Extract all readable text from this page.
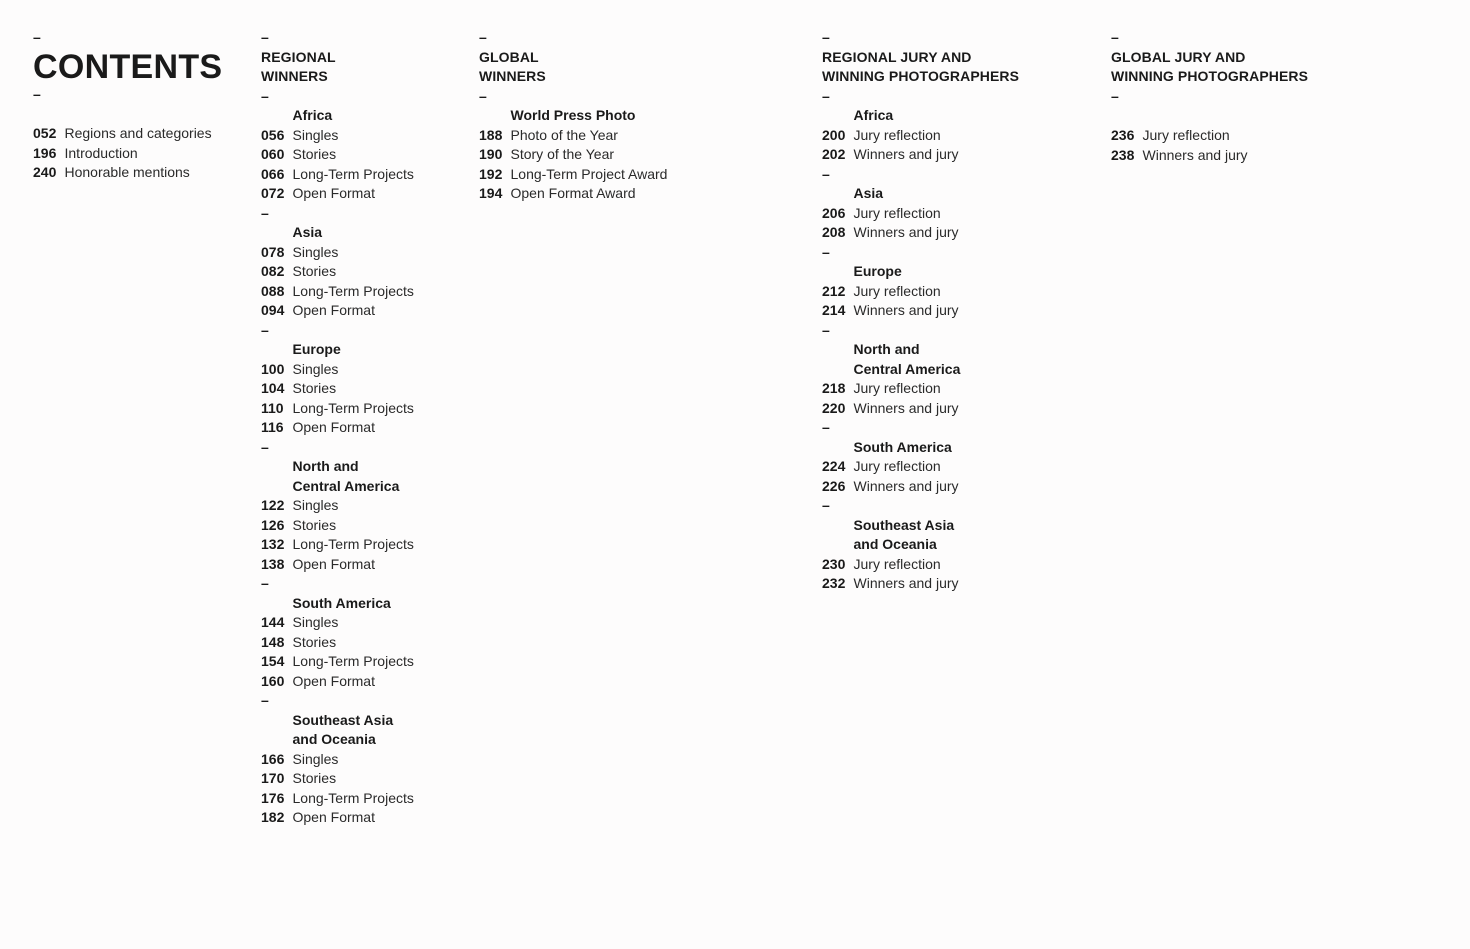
–
CONTENTS
–
052 Regions and categories
196 Introduction
240 Honorable mentions
–
REGIONAL
WINNERS
–
Africa
056 Singles
060 Stories
066 Long-Term Projects
072 Open Format
–
Asia
078 Singles
082 Stories
088 Long-Term Projects
094 Open Format
–
Europe
100 Singles
104 Stories
110 Long-Term Projects
116 Open Format
–
North and
Central America
122 Singles
126 Stories
132 Long-Term Projects
138 Open Format
–
South America
144 Singles
148 Stories
154 Long-Term Projects
160 Open Format
–
Southeast Asia
and Oceania
166 Singles
170 Stories
176 Long-Term Projects
182 Open Format
–
GLOBAL
WINNERS
–
World Press Photo
188 Photo of the Year
190 Story of the Year
192 Long-Term Project Award
194 Open Format Award
–
REGIONAL JURY AND
WINNING PHOTOGRAPHERS
–
Africa
200 Jury reflection
202 Winners and jury
–
Asia
206 Jury reflection
208 Winners and jury
–
Europe
212 Jury reflection
214 Winners and jury
–
North and
Central America
218 Jury reflection
220 Winners and jury
–
South America
224 Jury reflection
226 Winners and jury
–
Southeast Asia
and Oceania
230 Jury reflection
232 Winners and jury
–
GLOBAL JURY AND
WINNING PHOTOGRAPHERS
–
236 Jury reflection
238 Winners and jury
